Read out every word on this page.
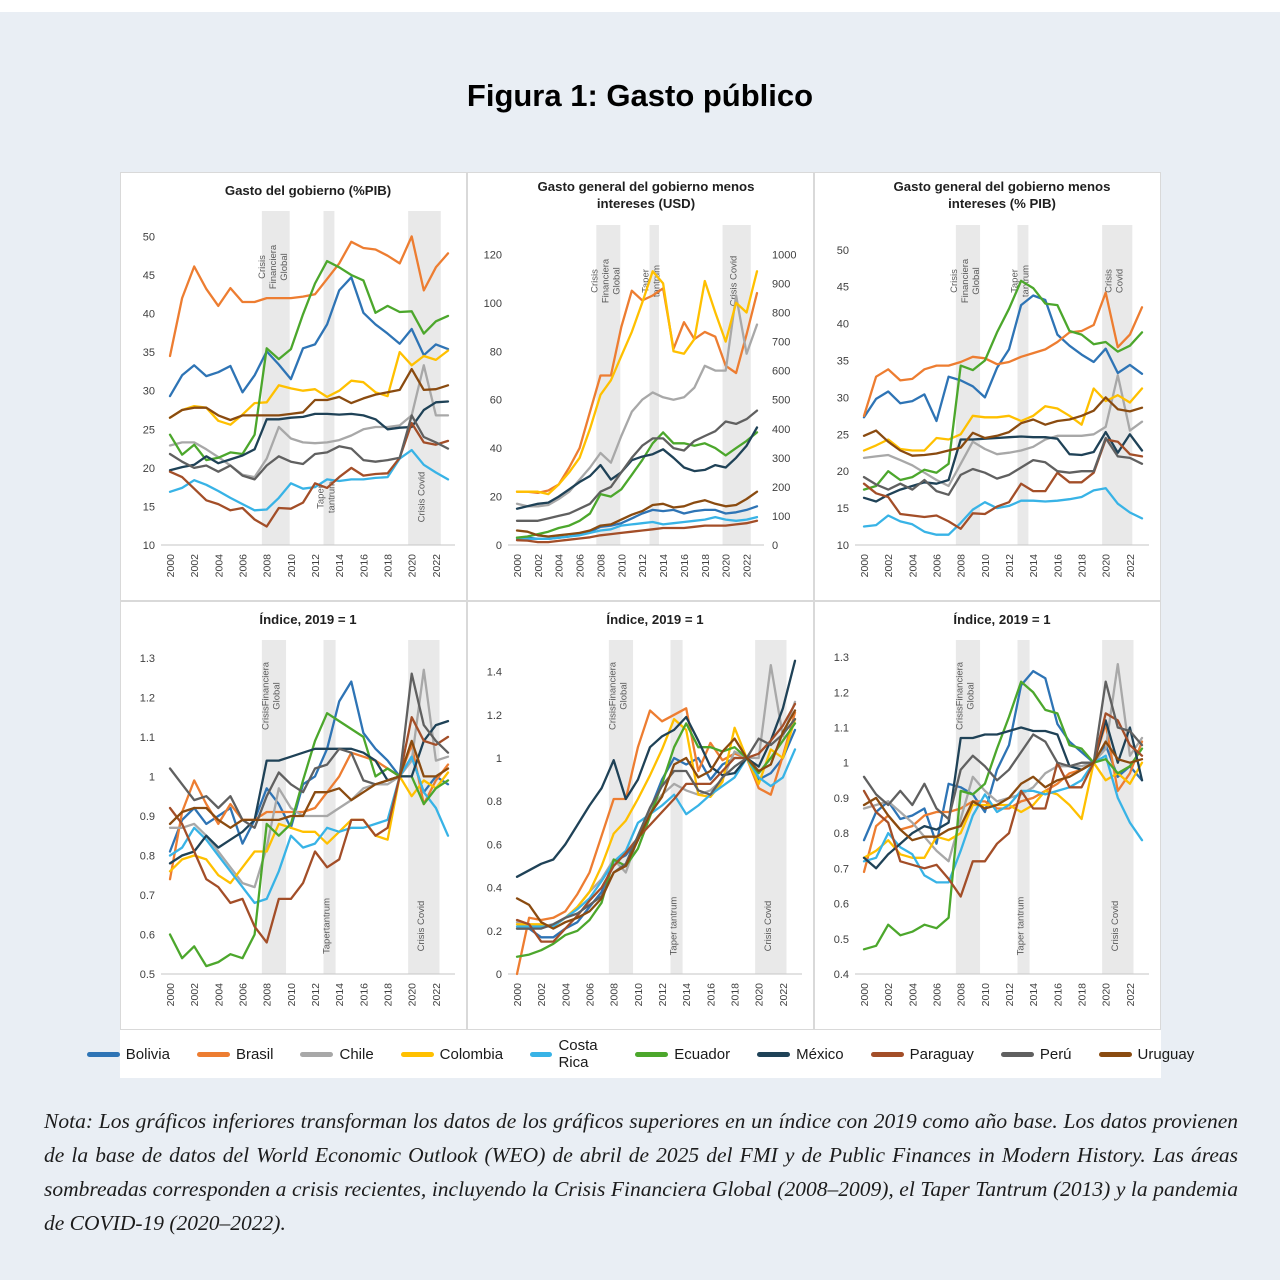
Figura 1: Gasto público
Crisis Financiera Global
Taper tantrum	Crisis Covid
Gasto del gobierno (%PIB)
10
15
20
25
30
35
40
45
50
2000 2002 2004 2006 2008 2010 2012 2014 2016 2018 2020 2022
Crisis Financiera Global Taper tantrum	Crisis Covid
Gasto general del gobierno menos
intereses (USD)
0
20
40
60
80
100
120
0
100
200
300
400
500
600
700
800
900
1000
2000 2002 2004 2006 2008 2010 2012 2014 2016 2018 2020 2022
Crisis Financiera Global	Taper tantrum	Crisis Covid
Gasto general del gobierno menos
intereses (% PIB)
10
15
20
25
30
35
40
45
50
2000 2002 2004 2006 2008 2010 2012 2014 2016 2018 2020 2022
CrisisFinanciera Global
Tapertantrum	Crisis Covid
Índice, 2019 = 1
0.5
0.6
0.7
0.8
0.9
1
1.1
1.2
1.3
2000 2002 2004 2006 2008 2010 2012 2014 2016 2018 2020 2022
CrisisFinanciera Global
Taper tantrum	Crisis Covid
Índice, 2019 = 1
0
0.2
0.4
0.6
0.8
1
1.2
1.4
2000 2002 2004 2006 2008 2010 2012 2014 2016 2018 2020 2022
CrisisFinanciera Global
Taper tantrum	Crisis Covid
Índice, 2019 = 1
0.4
0.5
0.6
0.7
0.8
0.9
1
1.1
1.2
1.3
2000 2002 2004 2006 2008 2010 2012 2014 2016 2018 2020 2022
Bolivia	Brasil	Chile	Colombia	Costa Rica	Ecuador	México	Paraguay	Perú	Uruguay
Nota: Los gráficos inferiores transforman los datos de los gráficos superiores en un índice con 2019 como año base. Los datos provienen de la base de datos del World Economic Outlook (WEO) de abril de 2025 del FMI y de Public Finances in Modern History. Las áreas sombreadas corresponden a crisis recientes, incluyendo la Crisis Financiera Global (2008–2009), el Taper Tantrum (2013) y la pandemia de COVID-19 (2020–2022).
